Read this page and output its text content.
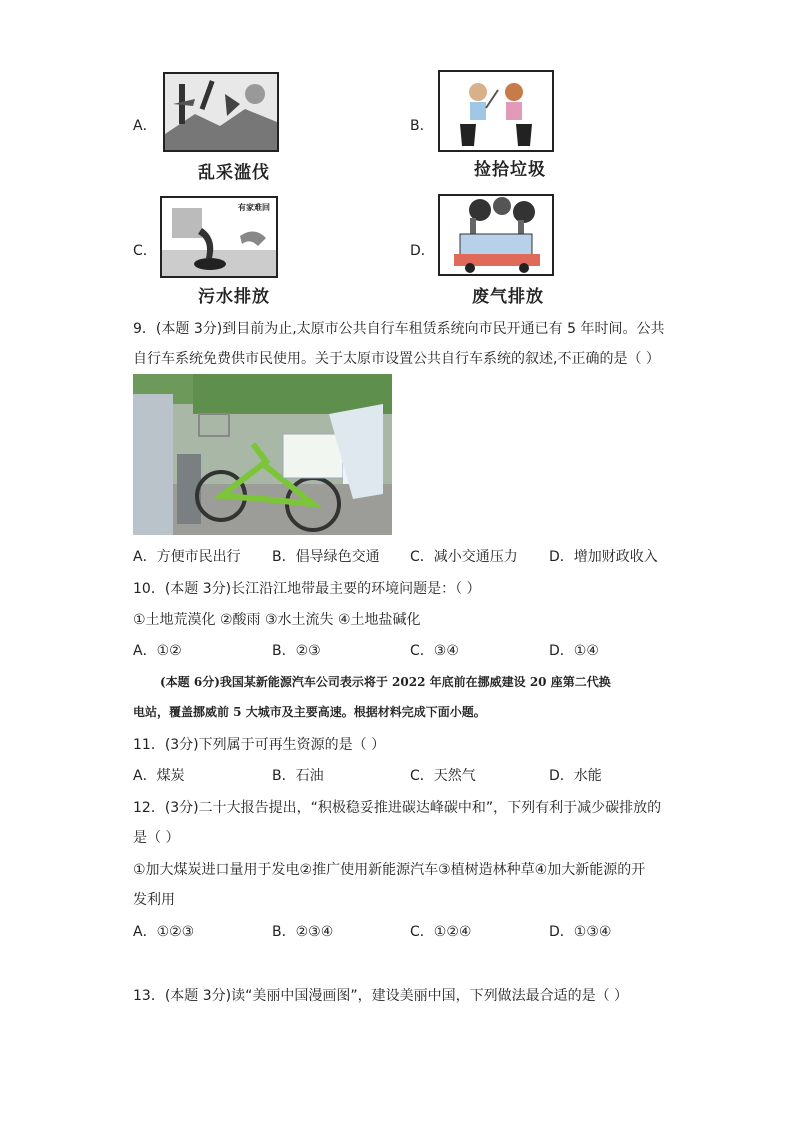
A．
乱采滥伐
B．
捡拾垃圾
C．
有家难回
污水排放
D．
废气排放
9．(本题 3分)到目前为止,太原市公共自行车租赁系统向市民开通已有 5 年时间。公共
自行车系统免费供市民使用。关于太原市设置公共自行车系统的叙述,不正确的是（ ）
A．方便市民出行 B．倡导绿色交通 C．减小交通压力 D．增加财政收入
10．(本题 3分)长江沿江地带最主要的环境问题是：（ ）
①土地荒漠化 ②酸雨 ③水土流失 ④土地盐碱化
A．①②	B．②③	C．③④	D．①④
(本题 6分)我国某新能源汽车公司表示将于 2022 年底前在挪威建设 20 座第二代换
电站，覆盖挪威前 5 大城市及主要高速。根据材料完成下面小题。
11．(3分)下列属于可再生资源的是（ ）
A．煤炭	B．石油	C．天然气	D．水能
12．(3分)二十大报告提出，“积极稳妥推进碳达峰碳中和”，下列有利于减少碳排放的
是（ ）
①加大煤炭进口量用于发电②推广使用新能源汽车③植树造林种草④加大新能源的开
发利用
A．①②③	B．②③④	C．①②④	D．①③④
13．(本题 3分)读“美丽中国漫画图”，建设美丽中国，下列做法最合适的是（ ）
